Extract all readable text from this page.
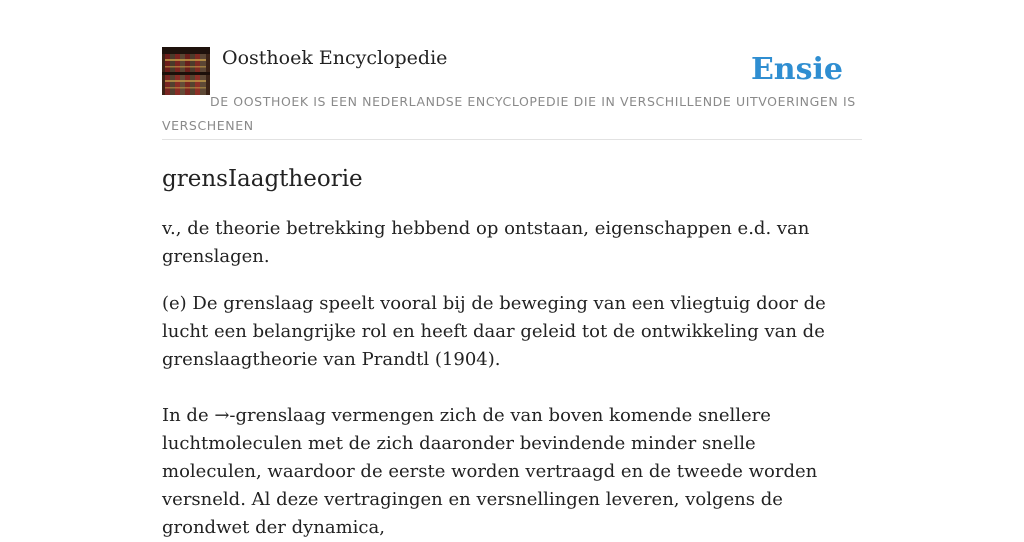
Oosthoek Encyclopedie	Ensie
DE OOSTHOEK IS EEN NEDERLANDSE ENCYCLOPEDIE DIE IN VERSCHILLENDE UITVOERINGEN IS VERSCHENEN
grensIaagtheorie

v., de theorie betrekking hebbend op ontstaan, eigenschappen e.d. van grenslagen.

(e) De grenslaag speelt vooral bij de beweging van een vliegtuig door de lucht een belangrijke rol en heeft daar geleid tot de ontwikkeling van de grenslaagtheorie van Prandtl (1904).

In de →-grenslaag vermengen zich de van boven komende snellere luchtmoleculen met de zich daaronder bevindende minder snelle moleculen, waardoor de eerste worden vertraagd en de tweede worden versneld. Al deze vertragingen en versnellingen leveren, volgens de grondwet der dynamica,
